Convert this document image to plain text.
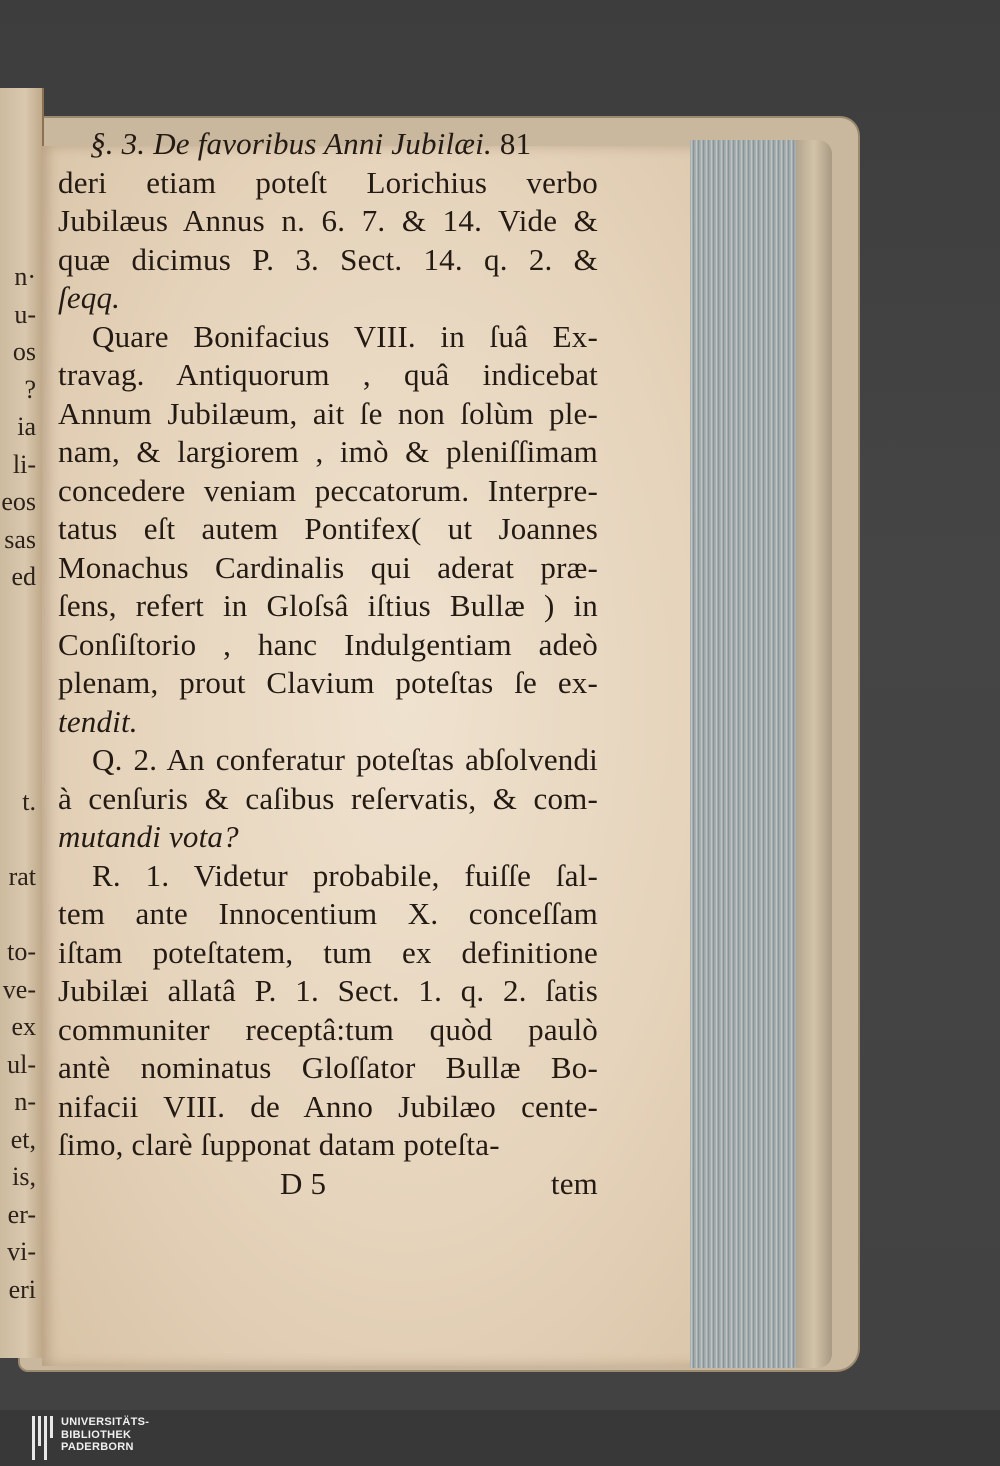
n·
u-
os
?
ia
li-
eos
sas
ed
t.
rat
to-
ve-
ex
ul-
n-
et,
is,
er-
vi-
eri
§. 3. De favoribus Anni Jubilæi. 81
deri etiam poteſt Lorichius verbo
Jubilæus Annus n. 6. 7. & 14. Vide &
quæ dicimus P. 3. Sect. 14. q. 2. &
ſeqq.
Quare Bonifacius VIII. in ſuâ Ex-
travag. Antiquorum , quâ indicebat
Annum Jubilæum, ait ſe non ſolùm ple-
nam, & largiorem , imò & pleniſſimam
concedere veniam peccatorum. Interpre-
tatus eſt autem Pontifex( ut Joannes
Monachus Cardinalis qui aderat præ-
ſens, refert in Gloſsâ iſtius Bullæ ) in
Conſiſtorio , hanc Indulgentiam adeò
plenam, prout Clavium poteſtas ſe ex-
tendit.
Q. 2. An conferatur poteſtas abſolvendi
à cenſuris & caſibus reſervatis, & com-
mutandi vota?
R. 1. Videtur probabile, fuiſſe ſal-
tem ante Innocentium X. conceſſam
iſtam poteſtatem, tum ex definitione
Jubilæi allatâ P. 1. Sect. 1. q. 2. ſatis
communiter receptâ:tum quòd paulò
antè nominatus Gloſſator Bullæ Bo-
nifacii VIII. de Anno Jubilæo cente-
ſimo, clarè ſupponat datam poteſta-
D 5	tem
UNIVERSITÄTS-
BIBLIOTHEK
PADERBORN
